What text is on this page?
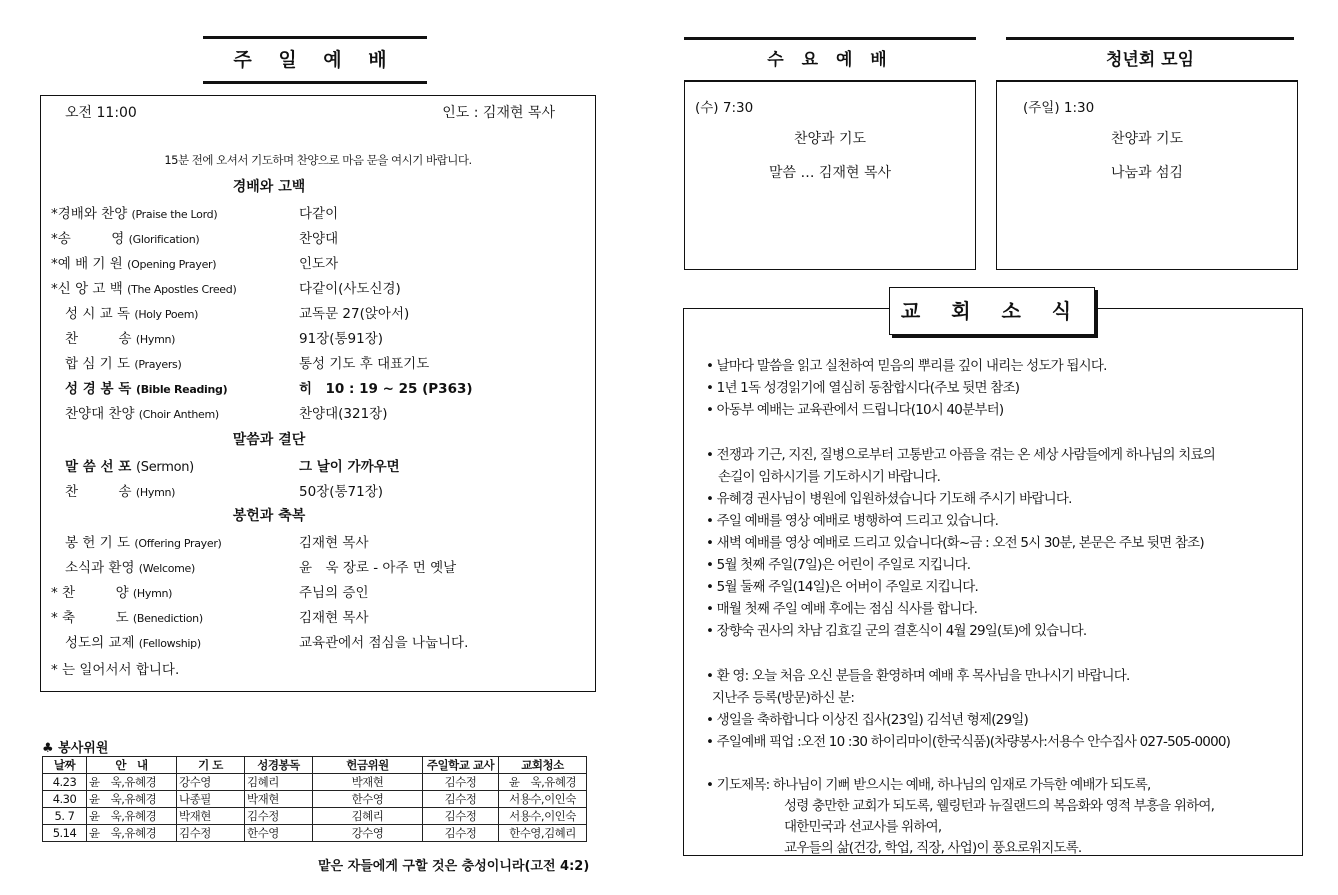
주 일 예 배
오전 11:00	인도 : 김재현 목사
15분 전에 오셔서 기도하며 찬양으로 마음 문을 여시기 바랍니다.
경배와 고백
*경배와 찬양 (Praise the Lord)	다같이
*송　　　영 (Glorification)	찬양대
*예 배 기 원 (Opening Prayer)	인도자
*신 앙 고 백 (The Apostles Creed)	다같이(사도신경)
성 시 교 독 (Holy Poem)	교독문 27(앉아서)
찬　　　송 (Hymn)	91장(통91장)
합 심 기 도 (Prayers)	통성 기도 후 대표기도
성 경 봉 독 (Bible Reading)	히　10 : 19 ~ 25 (P363)
찬양대 찬양 (Choir Anthem)	찬양대(321장)
말씀과 결단
말 씀 선 포 (Sermon)	그 날이 가까우면
찬　　　송 (Hymn)	50장(통71장)
봉헌과 축복
봉 헌 기 도 (Offering Prayer)	김재현 목사
소식과 환영 (Welcome)	윤　욱 장로 - 아주 먼 옛날
* 찬　　　양 (Hymn)	주님의 증인
* 축　　　도 (Benediction)	김재현 목사
성도의 교제 (Fellowship)	교육관에서 점심을 나눕니다.
* 는 일어서서 합니다.
♣ 봉사위원
날짜	안　내	기 도	성경봉독	헌금위원	주일학교 교사	교회청소
4.23	윤　욱,유혜경	강수영	김혜리	박재현	김수정	윤　욱,유혜경
4.30	윤　욱,유혜경	나종필	박재현	한수영	김수정	서용수,이인숙
5. 7	윤　욱,유혜경	박재현	김수정	김혜리	김수정	서용수,이인숙
5.14	윤　욱,유혜경	김수정	한수영	강수영	김수정	한수영,김혜리
맡은 자들에게 구할 것은 충성이니라(고전 4:2)
수 요 예 배	청년회 모임
(수) 7:30
찬양과 기도
말씀 … 김재현 목사
(주일) 1:30
찬양과 기도
나눔과 섬김
• 날마다 말씀을 읽고 실천하여 믿음의 뿌리를 깊이 내리는 성도가 됩시다.
• 1년 1독 성경읽기에 열심히 동참합시다(주보 뒷면 참조)
• 아동부 예배는 교육관에서 드립니다(10시 40분부터)
• 전쟁과 기근, 지진, 질병으로부터 고통받고 아픔을 겪는 온 세상 사람들에게 하나님의 치료의
손길이 임하시기를 기도하시기 바랍니다.
• 유혜경 권사님이 병원에 입원하셨습니다 기도해 주시기 바랍니다.
• 주일 예배를 영상 예배로 병행하여 드리고 있습니다.
• 새벽 예배를 영상 예배로 드리고 있습니다(화~금 : 오전 5시 30분, 본문은 주보 뒷면 참조)
• 5월 첫째 주일(7일)은 어린이 주일로 지킵니다.
• 5월 둘째 주일(14일)은 어버이 주일로 지킵니다.
• 매월 첫째 주일 예배 후에는 점심 식사를 합니다.
• 장향숙 권사의 차남 김효길 군의 결혼식이 4월 29일(토)에 있습니다.
• 환 영: 오늘 처음 오신 분들을 환영하며 예배 후 목사님을 만나시기 바랍니다.
지난주 등록(방문)하신 분:
• 생일을 축하합니다 이상진 집사(23일) 김석년 형제(29일)
• 주일예배 픽업 :오전 10 :30 하이리마이(한국식품)(차량봉사:서용수 안수집사 027-505-0000)
• 기도제목: 하나님이 기뻐 받으시는 예배, 하나님의 임재로 가득한 예배가 되도록,
성령 충만한 교회가 되도록, 웰링턴과 뉴질랜드의 복음화와 영적 부흥을 위하여,
대한민국과 선교사를 위하여,
교우들의 삶(건강, 학업, 직장, 사업)이 풍요로워지도록.
교 회 소 식
